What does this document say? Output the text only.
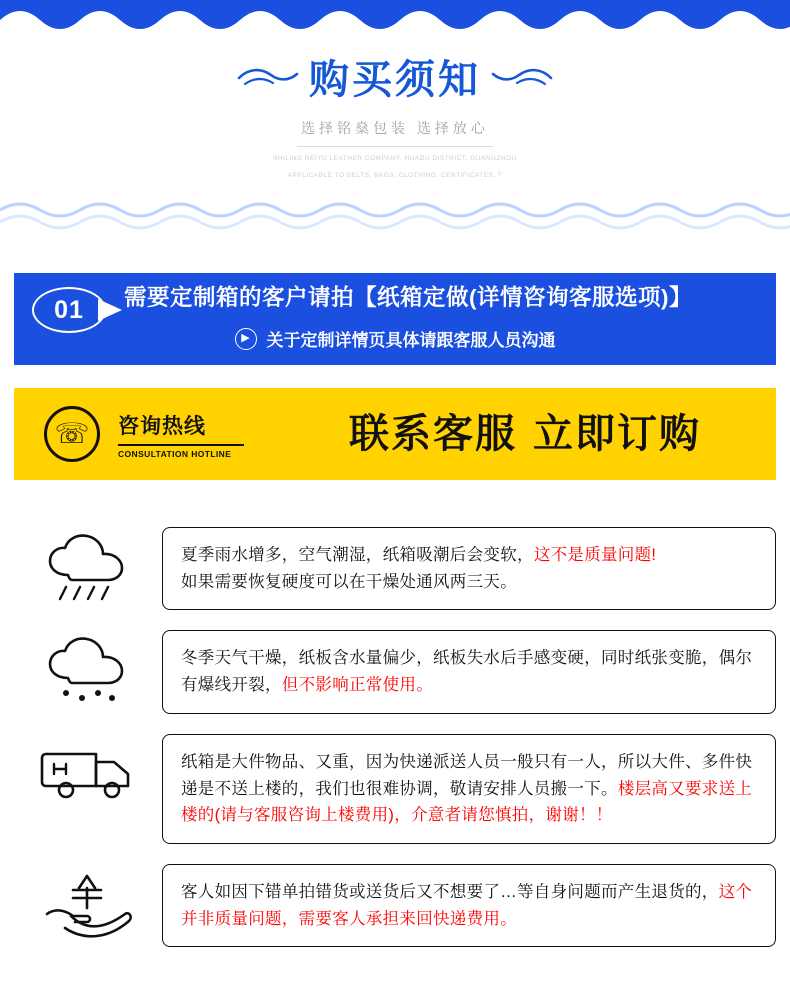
购买须知
选择铭燊包装 选择放心
SHILING REIYU LEATHER COMPANY, HUADU DISTRICT, GUANGZHOU
APPLICABLE TO BELTS, BAGS, CLOTHING, CERTIFICATES, T
01	需要定制箱的客户请拍【纸箱定做(详情咨询客服选项)】
▶ 关于定制详情页具体请跟客服人员沟通
☏	咨询热线
CONSULTATION HOTLINE	联系客服 立即订购
夏季雨水增多，空气潮湿，纸箱吸潮后会变软，这不是质量问题!
如果需要恢复硬度可以在干燥处通风两三天。
冬季天气干燥，纸板含水量偏少，纸板失水后手感变硬，同时纸张变脆，偶尔有爆线开裂，但不影响正常使用。
纸箱是大件物品、又重，因为快递派送人员一般只有一人，所以大件、多件快递是不送上楼的，我们也很难协调，敬请安排人员搬一下。楼层高又要求送上楼的(请与客服咨询上楼费用)，介意者请您慎拍，谢谢！！
客人如因下错单拍错货或送货后又不想要了…等自身问题而产生退货的，这个并非质量问题，需要客人承担来回快递费用。
